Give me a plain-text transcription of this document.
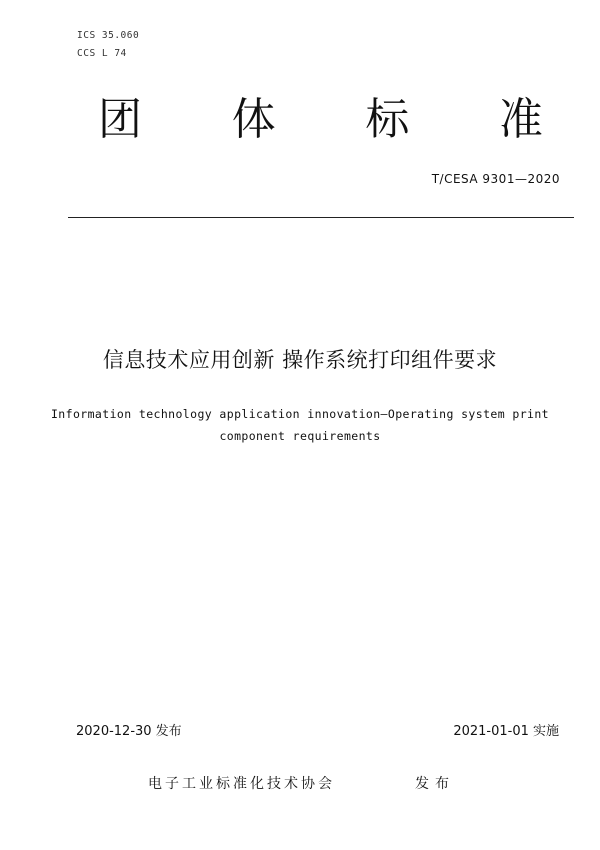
ICS 35.060
CCS L 74
团 体 标 准
T/CESA 9301—2020
信息技术应用创新 操作系统打印组件要求
Information technology application innovation—Operating system print
component requirements
2020-12-30 发布	2021-01-01 实施
电子工业标准化技术协会	发布
